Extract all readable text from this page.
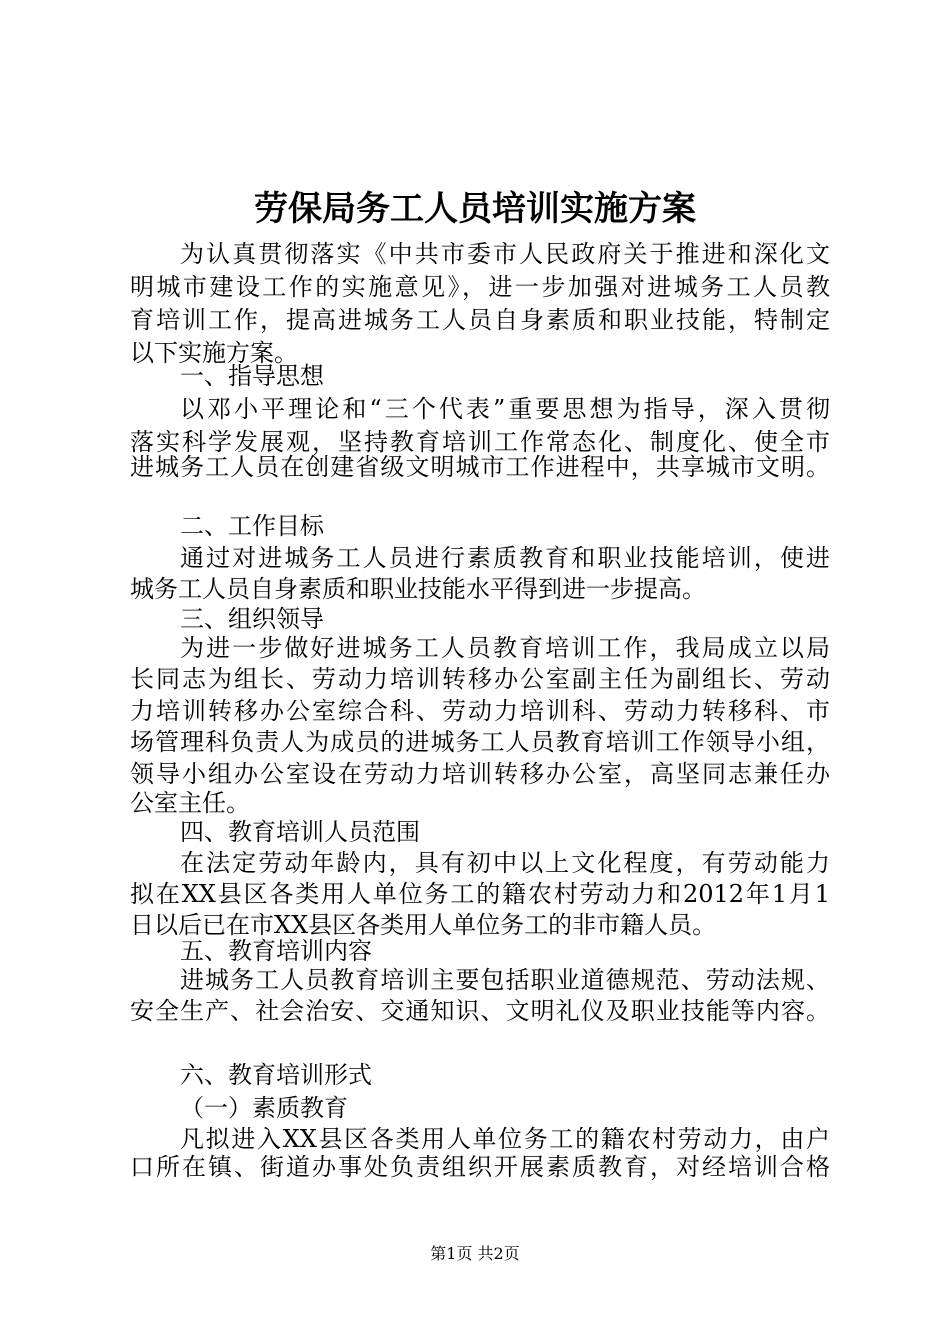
劳保局务工人员培训实施方案
为认真贯彻落实《中共市委市人民政府关于推进和深化文
明城市建设工作的实施意见》，进一步加强对进城务工人员教
育培训工作，提高进城务工人员自身素质和职业技能，特制定
以下实施方案。
一、指导思想
以邓小平理论和“三个代表”重要思想为指导，深入贯彻
落实科学发展观，坚持教育培训工作常态化、制度化、使全市
进城务工人员在创建省级文明城市工作进程中，共享城市文明。
二、工作目标
通过对进城务工人员进行素质教育和职业技能培训，使进
城务工人员自身素质和职业技能水平得到进一步提高。
三、组织领导
为进一步做好进城务工人员教育培训工作，我局成立以局
长同志为组长、劳动力培训转移办公室副主任为副组长、劳动
力培训转移办公室综合科、劳动力培训科、劳动力转移科、市
场管理科负责人为成员的进城务工人员教育培训工作领导小组，
领导小组办公室设在劳动力培训转移办公室，高坚同志兼任办
公室主任。
四、教育培训人员范围
在法定劳动年龄内，具有初中以上文化程度，有劳动能力
拟在XX县区各类用人单位务工的籍农村劳动力和2012年1月1
日以后已在市XX县区各类用人单位务工的非市籍人员。
五、教育培训内容
进城务工人员教育培训主要包括职业道德规范、劳动法规、
安全生产、社会治安、交通知识、文明礼仪及职业技能等内容。
六、教育培训形式
（一）素质教育
凡拟进入XX县区各类用人单位务工的籍农村劳动力，由户
口所在镇、街道办事处负责组织开展素质教育，对经培训合格
第1页 共2页
